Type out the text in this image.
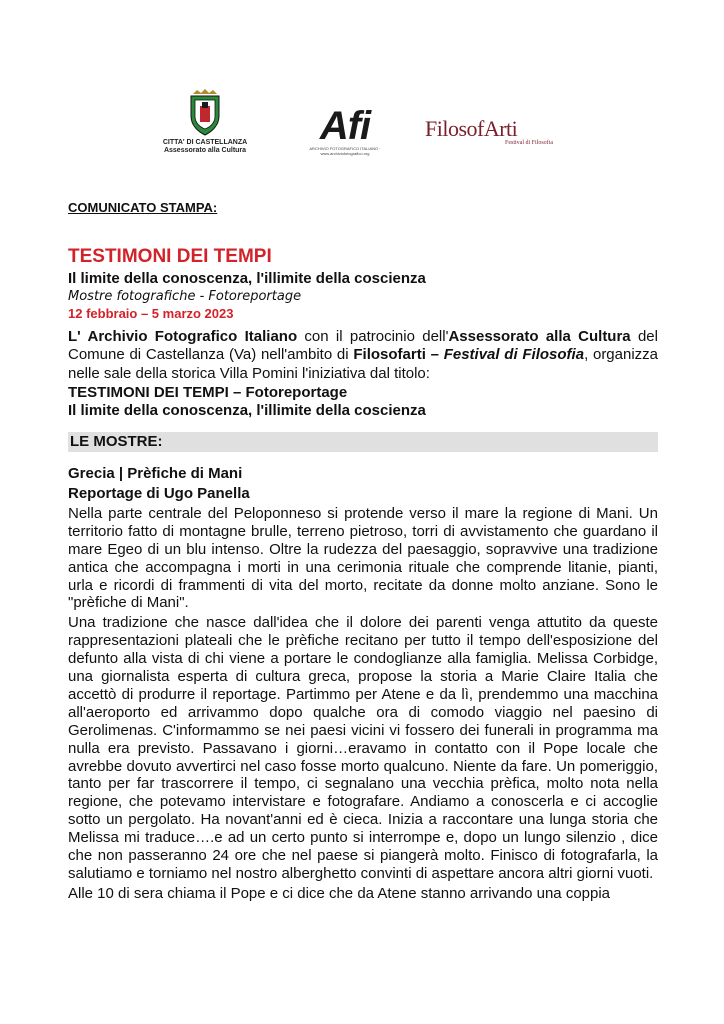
CITTA' DI CASTELLANZA
Assessorato alla Cultura
Afi
ARCHIVIO FOTOGRAFICO ITALIANO · www.archiviofotografico.org
FilosofArti
Festival di Filosofia

COMUNICATO STAMPA:

TESTIMONI DEI TEMPI

Il limite della conoscenza, l'illimite della coscienza

Mostre fotografiche - Fotoreportage

12 febbraio – 5 marzo 2023

L' Archivio Fotografico Italiano con il patrocinio dell'Assessorato alla Cultura del Comune di Castellanza (Va) nell'ambito di Filosofarti – Festival di Filosofia, organizza nelle sale della storica Villa Pomini l'iniziativa dal titolo:

TESTIMONI DEI TEMPI – Fotoreportage

Il limite della conoscenza, l'illimite della coscienza

LE MOSTRE:

Grecia | Prèfiche di Mani

Reportage di Ugo Panella

Nella parte centrale del Peloponneso si protende verso il mare la regione di Mani. Un territorio fatto di montagne brulle, terreno pietroso, torri di avvistamento che guardano il mare Egeo di un blu intenso. Oltre la rudezza del paesaggio, sopravvive una tradizione antica che accompagna i morti in una cerimonia rituale che comprende litanie, pianti, urla e ricordi di frammenti di vita del morto, recitate da donne molto anziane. Sono le "prèfiche di Mani".

Una tradizione che nasce dall'idea che il dolore dei parenti venga attutito da queste rappresentazioni plateali che le prèfiche recitano per tutto il tempo dell'esposizione del defunto alla vista di chi viene a portare le condoglianze alla famiglia. Melissa Corbidge, una giornalista esperta di cultura greca, propose la storia a Marie Claire Italia che accettò di produrre il reportage. Partimmo per Atene e da lì, prendemmo una macchina all'aeroporto ed arrivammo dopo qualche ora di comodo viaggio nel paesino di Gerolimenas. C'informammo se nei paesi vicini vi fossero dei funerali in programma ma nulla era previsto. Passavano i giorni…eravamo in contatto con il Pope locale che avrebbe dovuto avvertirci nel caso fosse morto qualcuno. Niente da fare. Un pomeriggio, tanto per far trascorrere il tempo, ci segnalano una vecchia prèfica, molto nota nella regione, che potevamo intervistare e fotografare. Andiamo a conoscerla e ci accoglie sotto un pergolato. Ha novant'anni ed è cieca. Inizia a raccontare una lunga storia che Melissa mi traduce….e ad un certo punto si interrompe e, dopo un lungo silenzio , dice che non passeranno 24 ore che nel paese si piangerà molto. Finisco di fotografarla, la salutiamo e torniamo nel nostro alberghetto convinti di aspettare ancora altri giorni vuoti.

Alle 10 di sera chiama il Pope e ci dice che da Atene stanno arrivando una coppia
